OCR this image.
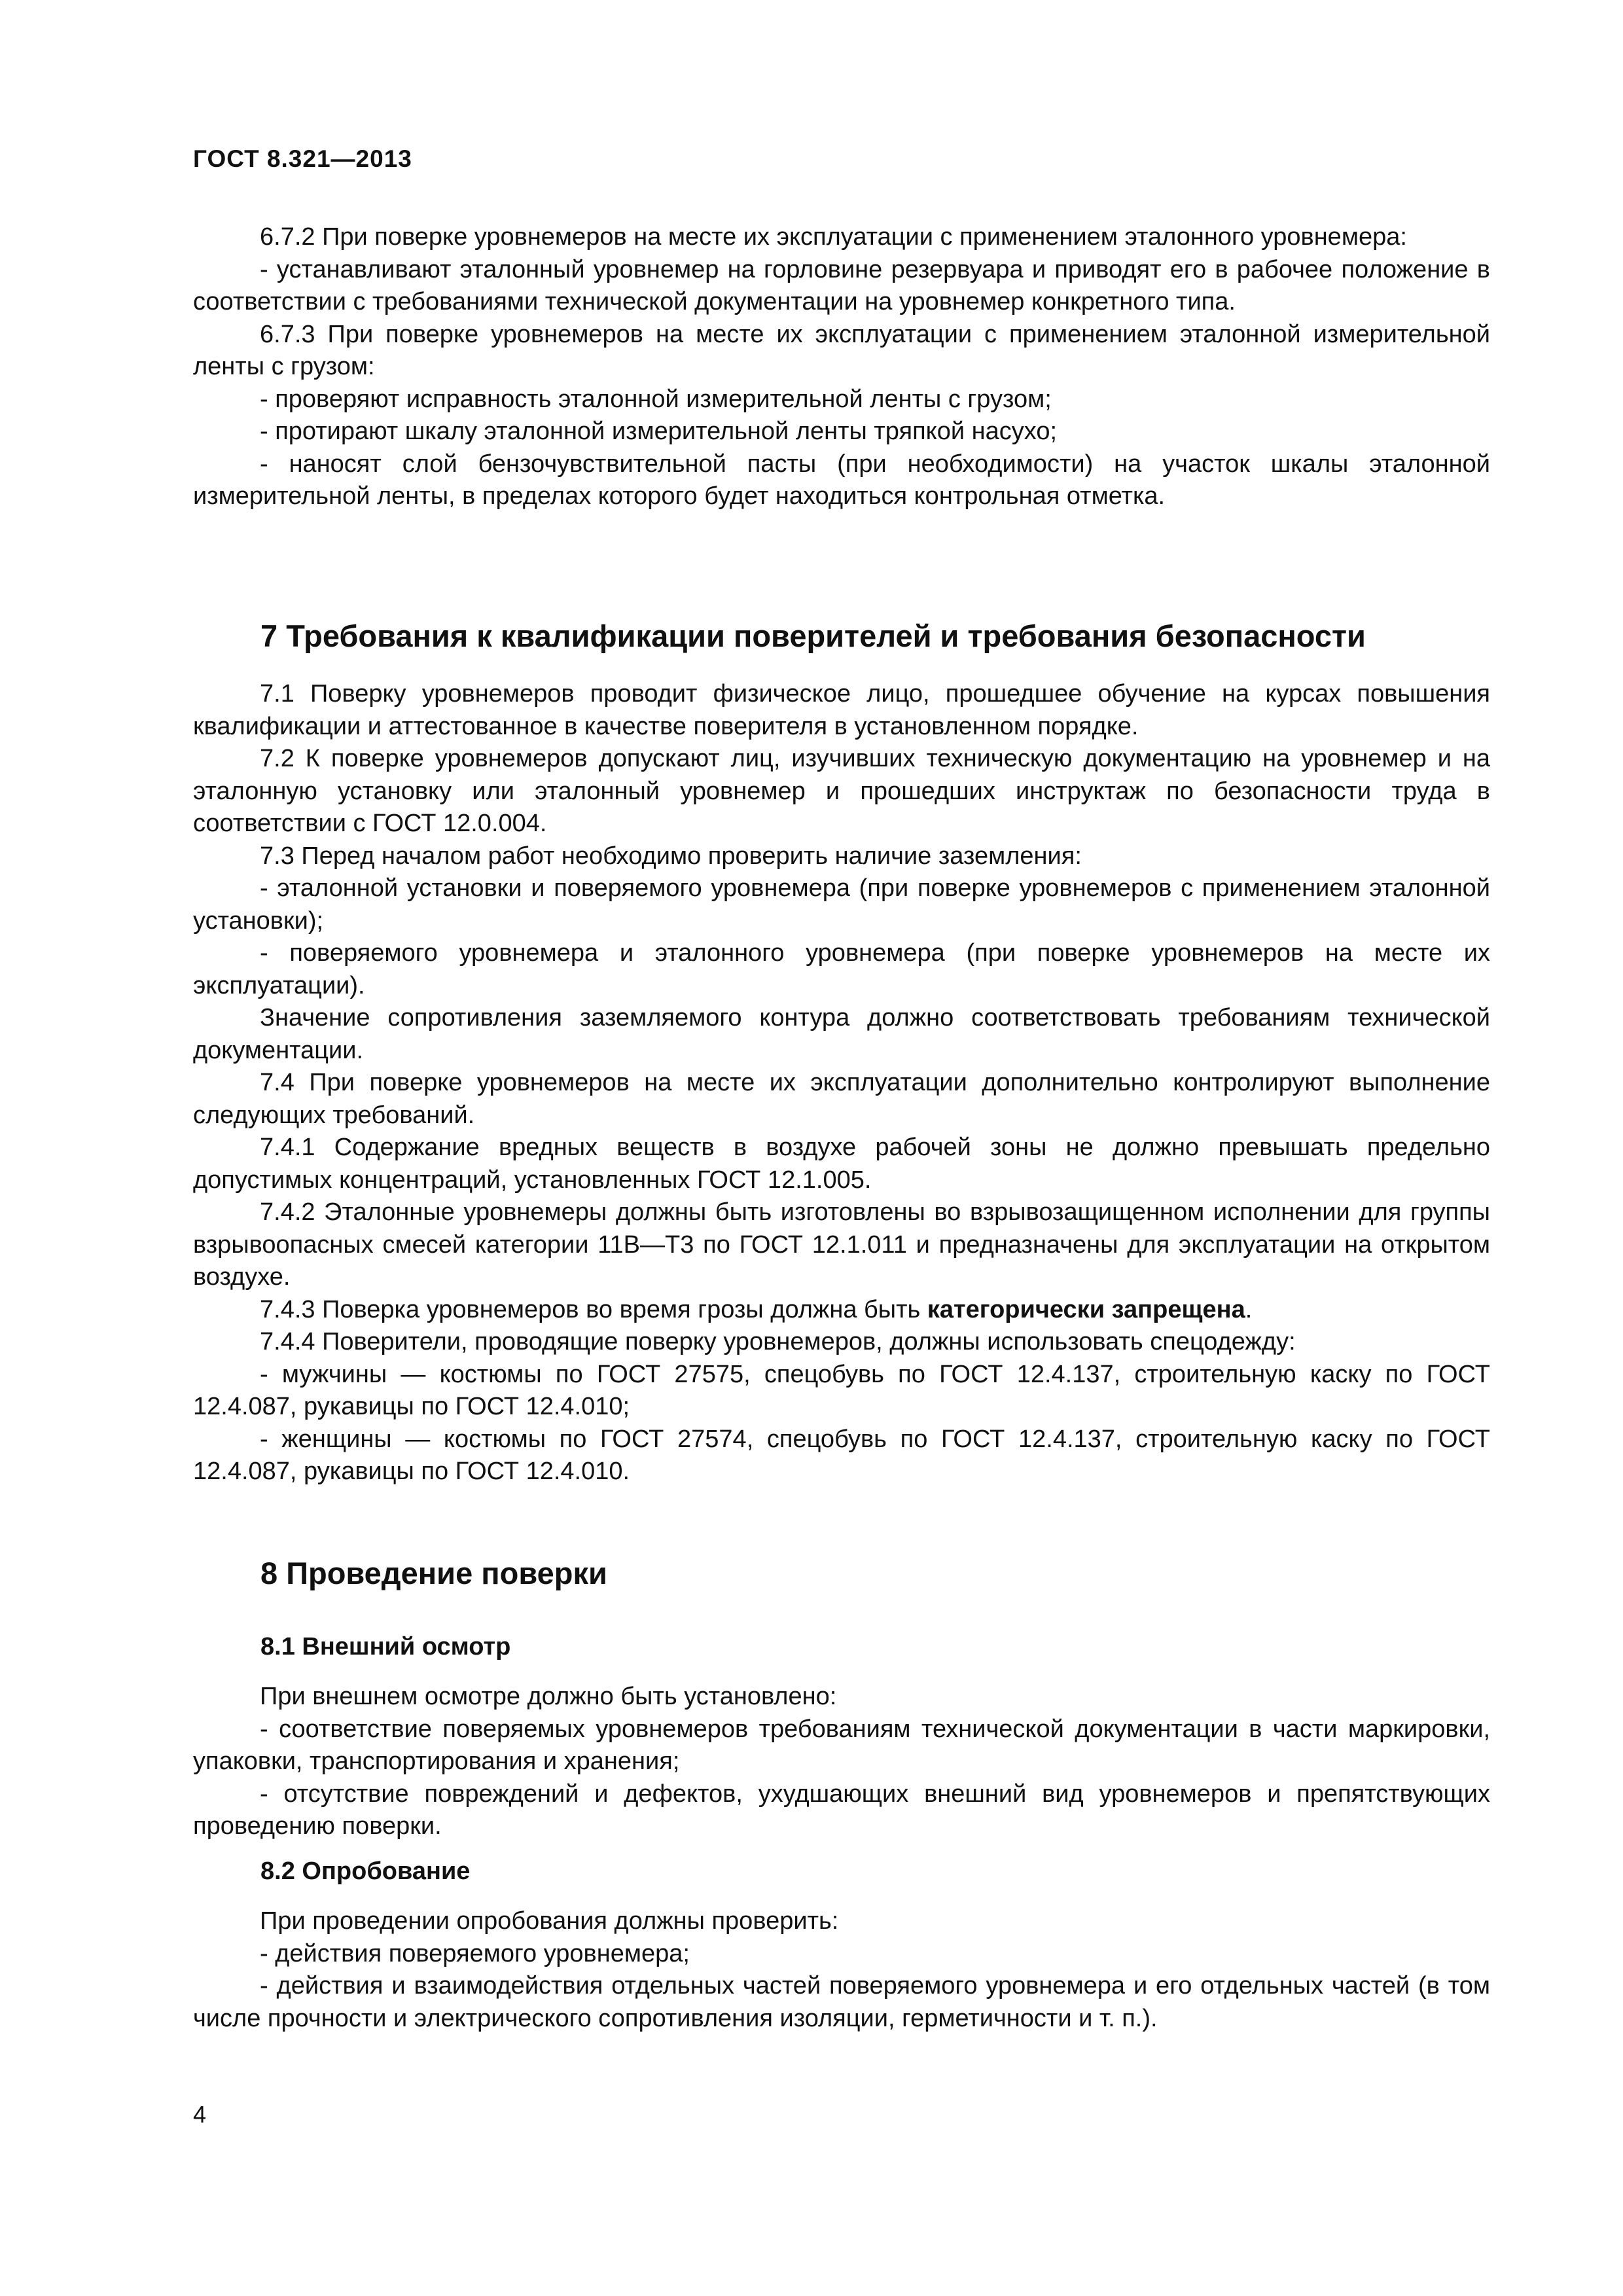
ГОСТ 8.321—2013

6.7.2 При поверке уровнемеров на месте их эксплуатации с применением эталонного уровнемера:

- устанавливают эталонный уровнемер на горловине резервуара и приводят его в рабочее положение в соответствии с требованиями технической документации на уровнемер конкретного типа.

6.7.3 При поверке уровнемеров на месте их эксплуатации с применением эталонной измерительной ленты с грузом:

- проверяют исправность эталонной измерительной ленты с грузом;

- протирают шкалу эталонной измерительной ленты тряпкой насухо;

- наносят слой бензочувствительной пасты (при необходимости) на участок шкалы эталонной измерительной ленты, в пределах которого будет находиться контрольная отметка.

7 Требования к квалификации поверителей и требования безопасности

7.1 Поверку уровнемеров проводит физическое лицо, прошедшее обучение на курсах повышения квалификации и аттестованное в качестве поверителя в установленном порядке.

7.2 К поверке уровнемеров допускают лиц, изучивших техническую документацию на уровнемер и на эталонную установку или эталонный уровнемер и прошедших инструктаж по безопасности труда в соответствии с ГОСТ 12.0.004.

7.3 Перед началом работ необходимо проверить наличие заземления:

- эталонной установки и поверяемого уровнемера (при поверке уровнемеров с применением эталонной установки);

- поверяемого уровнемера и эталонного уровнемера (при поверке уровнемеров на месте их эксплуатации).

Значение сопротивления заземляемого контура должно соответствовать требованиям технической документации.

7.4 При поверке уровнемеров на месте их эксплуатации дополнительно контролируют выполнение следующих требований.

7.4.1 Содержание вредных веществ в воздухе рабочей зоны не должно превышать предельно допустимых концентраций, установленных ГОСТ 12.1.005.

7.4.2 Эталонные уровнемеры должны быть изготовлены во взрывозащищенном исполнении для группы взрывоопасных смесей категории 11В—Т3 по ГОСТ 12.1.011 и предназначены для эксплуатации на открытом воздухе.

7.4.3 Поверка уровнемеров во время грозы должна быть категорически запрещена.

7.4.4 Поверители, проводящие поверку уровнемеров, должны использовать спецодежду:

- мужчины — костюмы по ГОСТ 27575, спецобувь по ГОСТ 12.4.137, строительную каску по ГОСТ 12.4.087, рукавицы по ГОСТ 12.4.010;

- женщины — костюмы по ГОСТ 27574, спецобувь по ГОСТ 12.4.137, строительную каску по ГОСТ 12.4.087, рукавицы по ГОСТ 12.4.010.

8 Проведение поверки
8.1 Внешний осмотр

При внешнем осмотре должно быть установлено:

- соответствие поверяемых уровнемеров требованиям технической документации в части маркировки, упаковки, транспортирования и хранения;

- отсутствие повреждений и дефектов, ухудшающих внешний вид уровнемеров и препятствующих проведению поверки.

8.2 Опробование

При проведении опробования должны проверить:

- действия поверяемого уровнемера;

- действия и взаимодействия отдельных частей поверяемого уровнемера и его отдельных частей (в том числе прочности и электрического сопротивления изоляции, герметичности и т. п.).

4
